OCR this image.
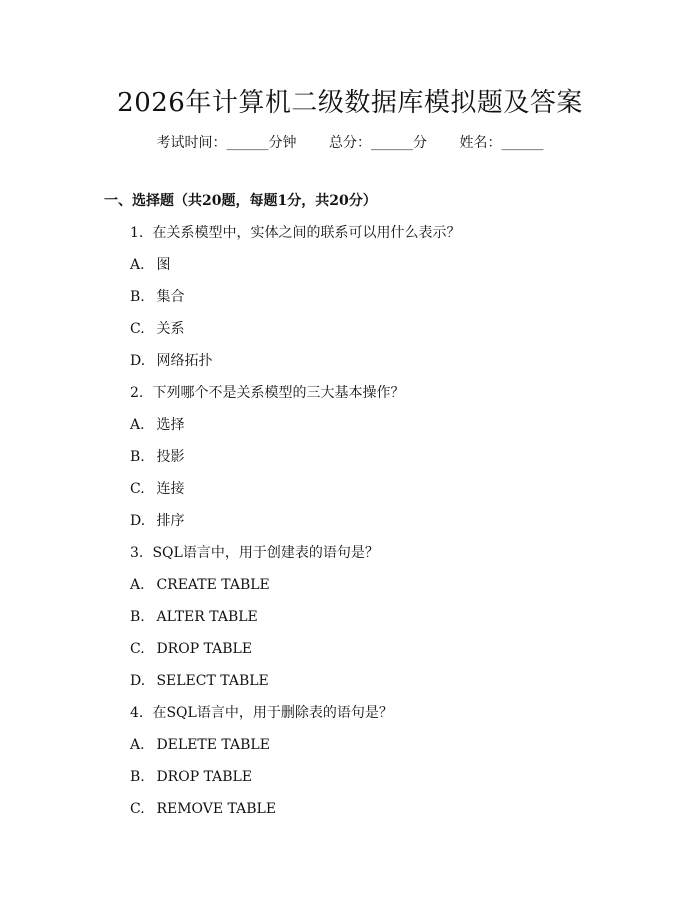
2026年计算机二级数据库模拟题及答案
考试时间：______分钟 总分：______分 姓名：______
一、选择题（共20题，每题1分，共20分）
1. 在关系模型中，实体之间的联系可以用什么表示？
A. 图
B. 集合
C. 关系
D. 网络拓扑
2. 下列哪个不是关系模型的三大基本操作？
A. 选择
B. 投影
C. 连接
D. 排序
3. SQL语言中，用于创建表的语句是？
A. CREATE TABLE
B. ALTER TABLE
C. DROP TABLE
D. SELECT TABLE
4. 在SQL语言中，用于删除表的语句是？
A. DELETE TABLE
B. DROP TABLE
C. REMOVE TABLE
